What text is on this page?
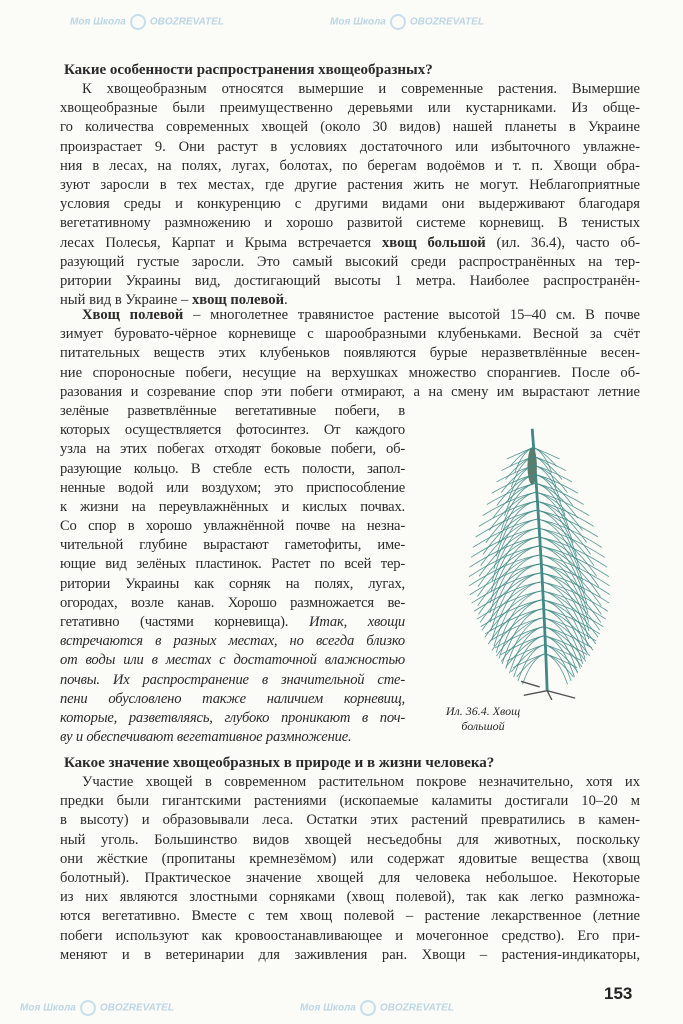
Моя Школа OBOZREVATEL	Моя Школа OBOZREVATEL
Моя Школа OBOZREVATEL	Моя Школа OBOZREVATEL
Какие особенности распространения хвощеобразных?
К хвощеобразным относятся вымершие и современные растения. Вымершие
хвощеобразные были преимущественно деревьями или кустарниками. Из обще-
го количества современных хвощей (около 30 видов) нашей планеты в Украине
произрастает 9. Они растут в условиях достаточного или избыточного увлажне-
ния в лесах, на полях, лугах, болотах, по берегам водоёмов и т. п. Хвощи обра-
зуют заросли в тех местах, где другие растения жить не могут. Неблагоприятные
условия среды и конкуренцию с другими видами они выдерживают благодаря
вегетативному размножению и хорошо развитой системе корневищ. В тенистых
лесах Полесья, Карпат и Крыма встречается хвощ большой (ил. 36.4), часто об-
разующий густые заросли. Это самый высокий среди распространённых на тер-
ритории Украины вид, достигающий высоты 1 метра. Наиболее распространён-
ный вид в Украине – хвощ полевой.
Хвощ полевой – многолетнее травянистое растение высотой 15–40 см. В почве
зимует буровато-чёрное корневище с шарообразными клубеньками. Весной за счёт
питательных веществ этих клубеньков появляются бурые неразветвлённые весен-
ние спороносные побеги, несущие на верхушках множество спорангиев. После об-
разования и созревание спор эти побеги отмирают, а на смену им вырастают летние
зелёные разветвлённые вегетативные побеги, в
которых осуществляется фотосинтез. От каждого
узла на этих побегах отходят боковые побеги, об-
разующие кольцо. В стебле есть полости, запол-
ненные водой или воздухом; это приспособление
к жизни на переувлажнённых и кислых почвах.
Со спор в хорошо увлажнённой почве на незна-
чительной глубине вырастают гаметофиты, име-
ющие вид зелёных пластинок. Растет по всей тер-
ритории Украины как сорняк на полях, лугах,
огородах, возле канав. Хорошо размножается ве-
гетативно (частями корневища). Итак, хвощи
встречаются в разных местах, но всегда близко
от воды или в местах с достаточной влажностью
почвы. Их распространение в значительной сте-
пени обусловлено также наличием корневищ,
которые, разветвляясь, глубоко проникают в поч-
ву и обеспечивают вегетативное размножение.
Ил. 36.4. Хвощ
большой
Какое значение хвощеобразных в природе и в жизни человека?
Участие хвощей в современном растительном покрове незначительно, хотя их
предки были гигантскими растениями (ископаемые каламиты достигали 10–20 м
в высоту) и образовывали леса. Остатки этих растений превратились в камен-
ный уголь. Большинство видов хвощей несъедобны для животных, поскольку
они жёсткие (пропитаны кремнезёмом) или содержат ядовитые вещества (хвощ
болотный). Практическое значение хвощей для человека небольшое. Некоторые
из них являются злостными сорняками (хвощ полевой), так как легко размножа-
ются вегетативно. Вместе с тем хвощ полевой – растение лекарственное (летние
побеги используют как кровоостанавливающее и мочегонное средство). Его при-
меняют и в ветеринарии для заживления ран. Хвощи – растения-индикаторы,
153
